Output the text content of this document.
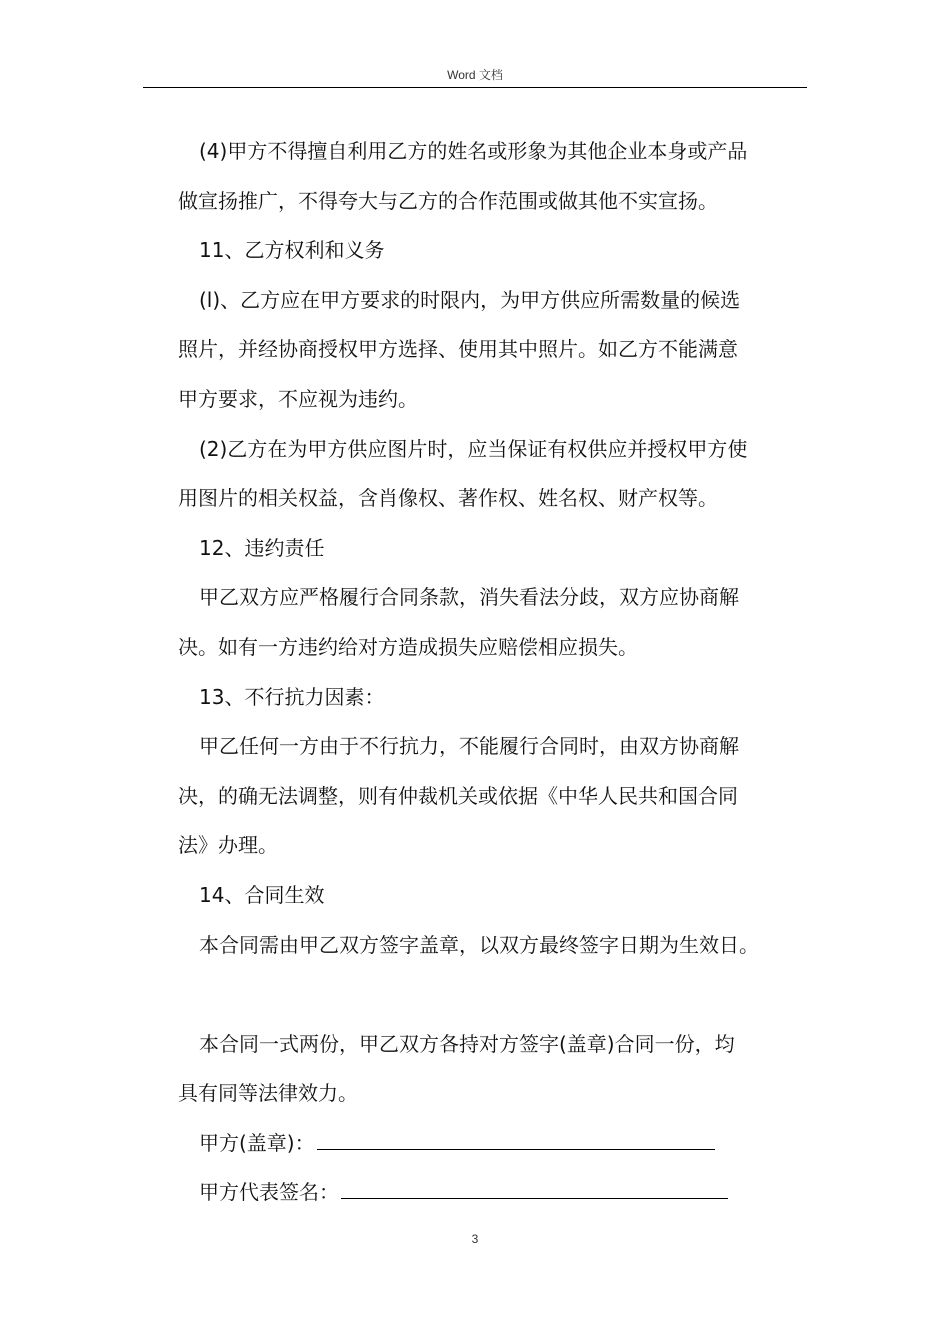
Word 文档
(4)甲方不得擅自利用乙方的姓名或形象为其他企业本身或产品
做宣扬推广，不得夸大与乙方的合作范围或做其他不实宣扬。
11、乙方权利和义务
(l)、乙方应在甲方要求的时限内，为甲方供应所需数量的候选
照片，并经协商授权甲方选择、使用其中照片。如乙方不能满意
甲方要求，不应视为违约。
(2)乙方在为甲方供应图片时，应当保证有权供应并授权甲方使
用图片的相关权益，含肖像权、著作权、姓名权、财产权等。
12、违约责任
甲乙双方应严格履行合同条款，消失看法分歧，双方应协商解
决。如有一方违约给对方造成损失应赔偿相应损失。
13、不行抗力因素：
甲乙任何一方由于不行抗力，不能履行合同时，由双方协商解
决，的确无法调整，则有仲裁机关或依据《中华人民共和国合同
法》办理。
14、合同生效
本合同需由甲乙双方签字盖章，以双方最终签字日期为生效日。
本合同一式两份，甲乙双方各持对方签字(盖章)合同一份，均
具有同等法律效力。
甲方(盖章)：
甲方代表签名：
3
